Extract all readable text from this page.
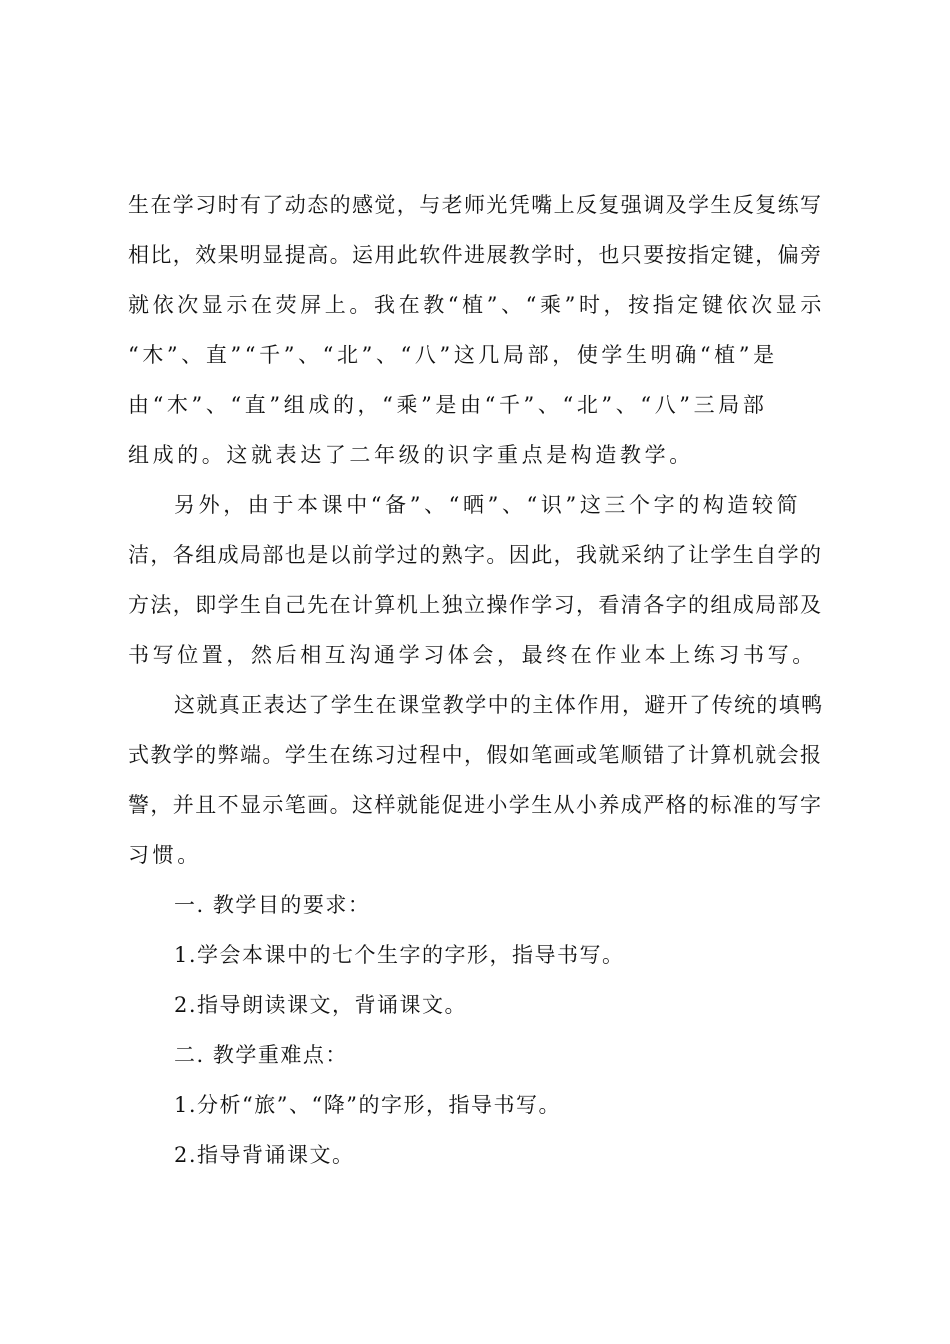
生在学习时有了动态的感觉，与老师光凭嘴上反复强调及学生反复练写
相比，效果明显提高。运用此软件进展教学时，也只要按指定键，偏旁
就依次显示在荧屏上。我在教“植”、“乘”时，按指定键依次显示
“木”、直”“千”、“北”、“八”这几局部，使学生明确“植”是
由“木”、“直”组成的，“乘”是由“千”、“北”、“八”三局部
组成的。这就表达了二年级的识字重点是构造教学。
另外，由于本课中“备”、“晒”、“识”这三个字的构造较简
洁，各组成局部也是以前学过的熟字。因此，我就采纳了让学生自学的
方法，即学生自己先在计算机上独立操作学习，看清各字的组成局部及
书写位置，然后相互沟通学习体会，最终在作业本上练习书写。
这就真正表达了学生在课堂教学中的主体作用，避开了传统的填鸭
式教学的弊端。学生在练习过程中，假如笔画或笔顺错了计算机就会报
警，并且不显示笔画。这样就能促进小学生从小养成严格的标准的写字
习惯。
一. 教学目的要求：
1.学会本课中的七个生字的字形，指导书写。
2.指导朗读课文，背诵课文。
二. 教学重难点：
1.分析“旅”、“降”的字形，指导书写。
2.指导背诵课文。
